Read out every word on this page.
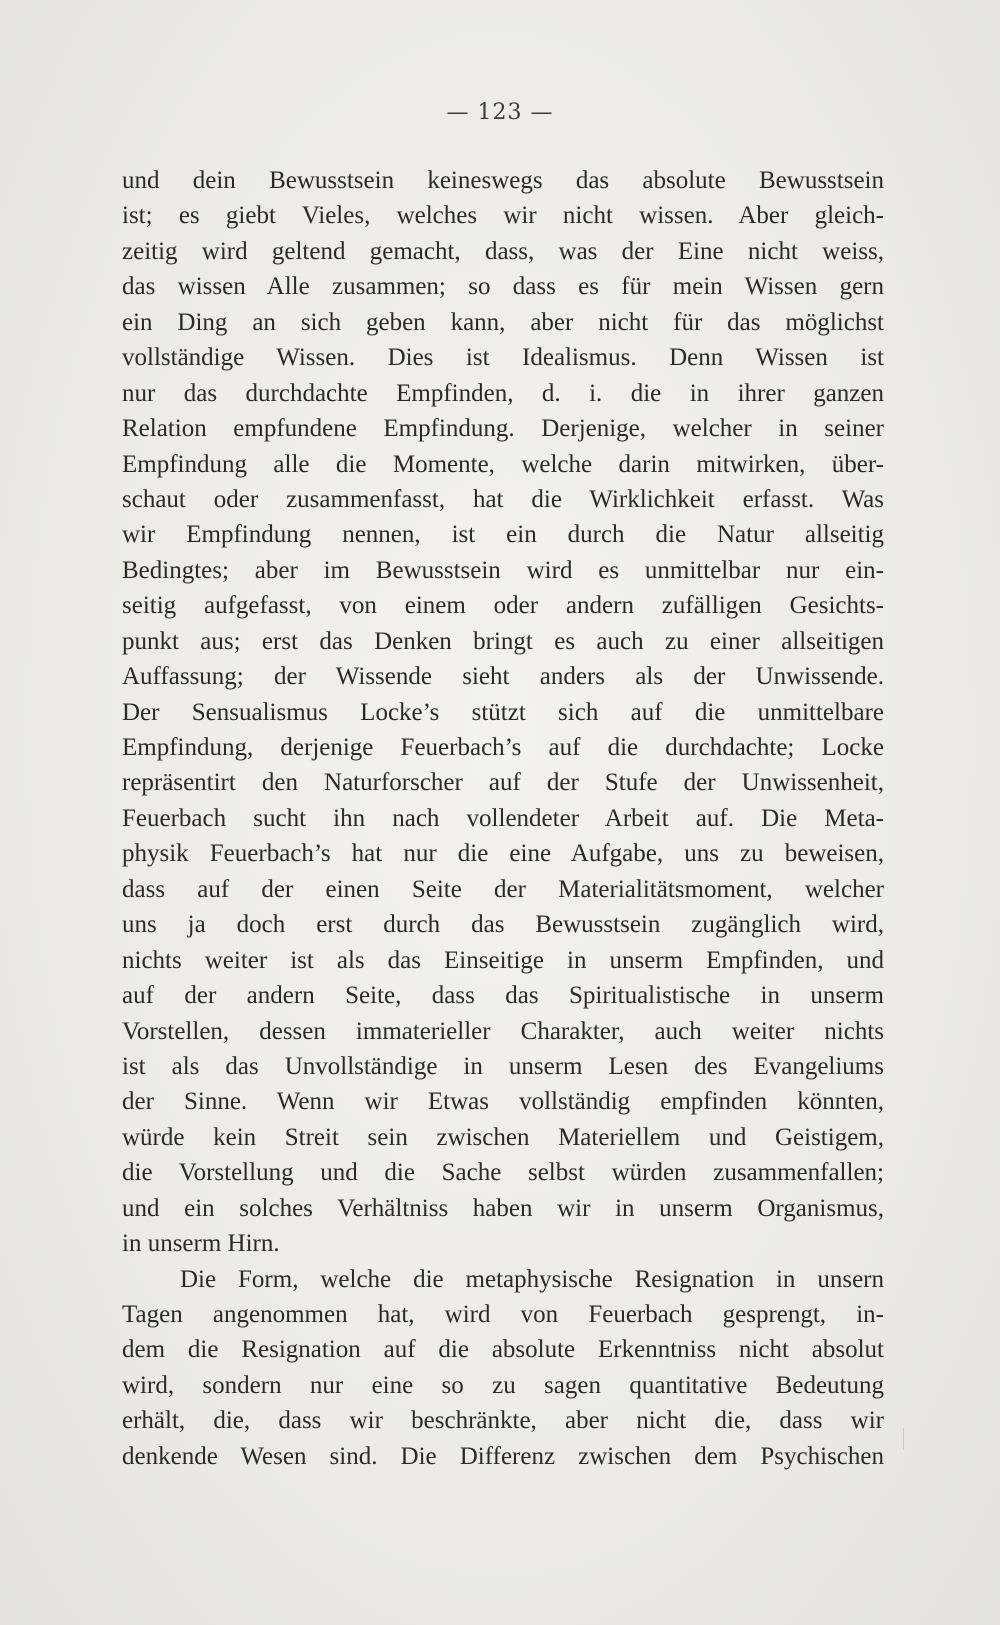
— 123 —
und dein Bewusstsein keineswegs das absolute Bewusstsein
ist; es giebt Vieles, welches wir nicht wissen. Aber gleich-
zeitig wird geltend gemacht, dass, was der Eine nicht weiss,
das wissen Alle zusammen; so dass es für mein Wissen gern
ein Ding an sich geben kann, aber nicht für das möglichst
vollständige Wissen. Dies ist Idealismus. Denn Wissen ist
nur das durchdachte Empfinden, d. i. die in ihrer ganzen
Relation empfundene Empfindung. Derjenige, welcher in seiner
Empfindung alle die Momente, welche darin mitwirken, über-
schaut oder zusammenfasst, hat die Wirklichkeit erfasst. Was
wir Empfindung nennen, ist ein durch die Natur allseitig
Bedingtes; aber im Bewusstsein wird es unmittelbar nur ein-
seitig aufgefasst, von einem oder andern zufälligen Gesichts-
punkt aus; erst das Denken bringt es auch zu einer allseitigen
Auffassung; der Wissende sieht anders als der Unwissende.
Der Sensualismus Locke’s stützt sich auf die unmittelbare
Empfindung, derjenige Feuerbach’s auf die durchdachte; Locke
repräsentirt den Naturforscher auf der Stufe der Unwissenheit,
Feuerbach sucht ihn nach vollendeter Arbeit auf. Die Meta-
physik Feuerbach’s hat nur die eine Aufgabe, uns zu beweisen,
dass auf der einen Seite der Materialitätsmoment, welcher
uns ja doch erst durch das Bewusstsein zugänglich wird,
nichts weiter ist als das Einseitige in unserm Empfinden, und
auf der andern Seite, dass das Spiritualistische in unserm
Vorstellen, dessen immaterieller Charakter, auch weiter nichts
ist als das Unvollständige in unserm Lesen des Evangeliums
der Sinne. Wenn wir Etwas vollständig empfinden könnten,
würde kein Streit sein zwischen Materiellem und Geistigem,
die Vorstellung und die Sache selbst würden zusammenfallen;
und ein solches Verhältniss haben wir in unserm Organismus,
in unserm Hirn.
Die Form, welche die metaphysische Resignation in unsern
Tagen angenommen hat, wird von Feuerbach gesprengt, in-
dem die Resignation auf die absolute Erkenntniss nicht absolut
wird, sondern nur eine so zu sagen quantitative Bedeutung
erhält, die, dass wir beschränkte, aber nicht die, dass wir
denkende Wesen sind. Die Differenz zwischen dem Psychischen
